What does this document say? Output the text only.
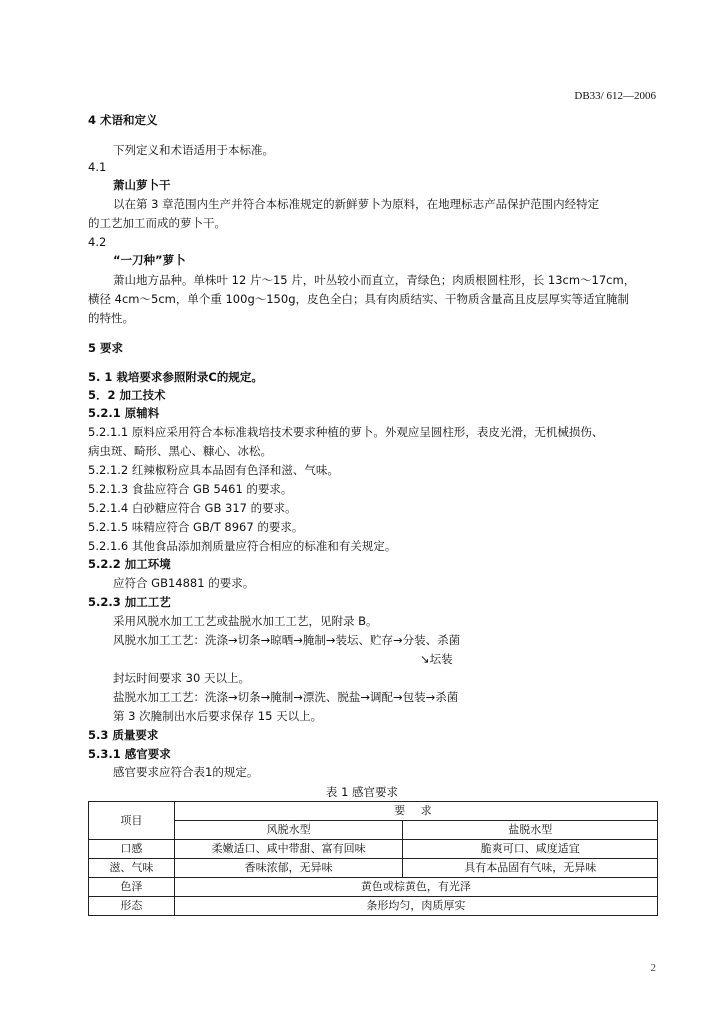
DB33/ 612—2006
4 术语和定义
下列定义和术语适用于本标准。
4.1
萧山萝卜干
以在第 3 章范围内生产并符合本标准规定的新鲜萝卜为原料，在地理标志产品保护范围内经特定
的工艺加工而成的萝卜干。
4.2
“一刀种”萝卜
萧山地方品种。单株叶 12 片～15 片，叶丛较小而直立，青绿色；肉质根圆柱形，长 13cm～17cm，
横径 4cm～5cm，单个重 100g～150g，皮色全白；具有肉质结实、干物质含量高且皮层厚实等适宜腌制
的特性。
5 要求
5. 1 栽培要求参照附录C的规定。
5．2 加工技术
5.2.1 原辅料
5.2.1.1 原料应采用符合本标准栽培技术要求种植的萝卜。外观应呈圆柱形，表皮光滑，无机械损伤、
病虫斑、畸形、黑心、糠心、冰松。
5.2.1.2 红辣椒粉应具本品固有色泽和滋、气味。
5.2.1.3 食盐应符合 GB 5461 的要求。
5.2.1.4 白砂糖应符合 GB 317 的要求。
5.2.1.5 味精应符合 GB/T 8967 的要求。
5.2.1.6 其他食品添加剂质量应符合相应的标准和有关规定。
5.2.2 加工环境
应符合 GB14881 的要求。
5.2.3 加工工艺
采用风脱水加工工艺或盐脱水加工工艺，见附录 B。
风脱水加工工艺：洗涤→切条→晾晒→腌制→装坛、贮存→分装、杀菌
↘坛装
封坛时间要求 30 天以上。
盐脱水加工工艺：洗涤→切条→腌制→漂洗、脱盐→调配→包装→杀菌
第 3 次腌制出水后要求保存 15 天以上。
5.3 质量要求
5.3.1 感官要求
感官要求应符合表1的规定。
表 1 感官要求
项目	要 求	
	风脱水型	盐脱水型
口感	柔嫩适口、咸中带甜、富有回味	脆爽可口、咸度适宜
滋、气味	香味浓郁，无异味	具有本品固有气味，无异味
色泽	黄色或棕黄色，有光泽	
形态	条形均匀，肉质厚实	
2
